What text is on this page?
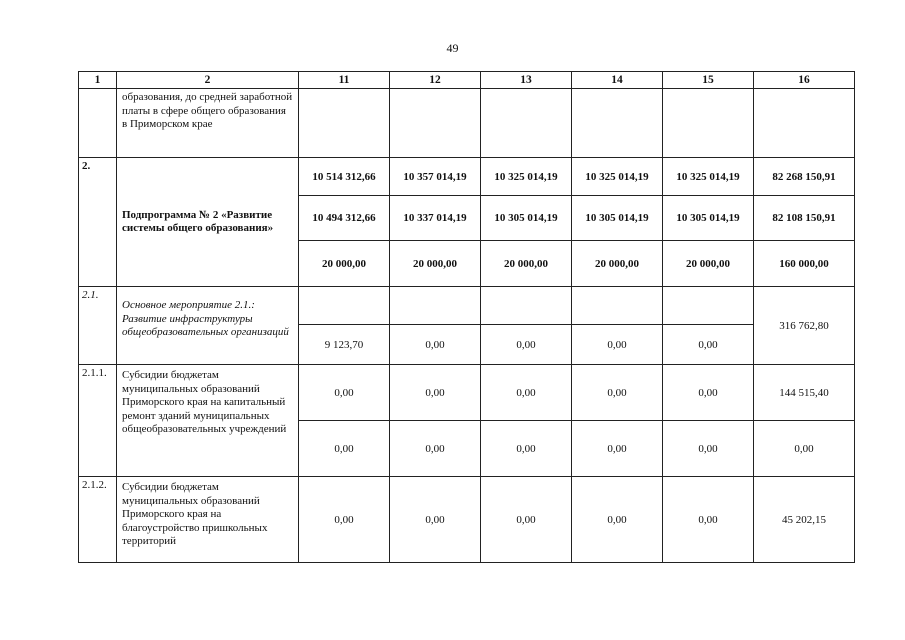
49
1	2	11	12	13	14	15	16
	образования, до средней заработной платы в сфере общего образования в Приморском крае						
2.	Подпрограмма № 2 «Развитие системы общего образования»	10 514 312,66	10 357 014,19	10 325 014,19	10 325 014,19	10 325 014,19	82 268 150,91
		10 494 312,66	10 337 014,19	10 305 014,19	10 305 014,19	10 305 014,19	82 108 150,91
		20 000,00	20 000,00	20 000,00	20 000,00	20 000,00	160 000,00
2.1.	Основное мероприятие 2.1.: Развитие инфраструктуры общеобразовательных организаций						316 762,80
		9 123,70	0,00	0,00	0,00	0,00	
2.1.1.	Субсидии бюджетам муниципальных образований Приморского края на капитальный ремонт зданий муниципальных общеобразовательных учреждений	0,00	0,00	0,00	0,00	0,00	144 515,40
		0,00	0,00	0,00	0,00	0,00	0,00
2.1.2.	Субсидии бюджетам муниципальных образований Приморского края на благоустройство пришкольных территорий	0,00	0,00	0,00	0,00	0,00	45 202,15
